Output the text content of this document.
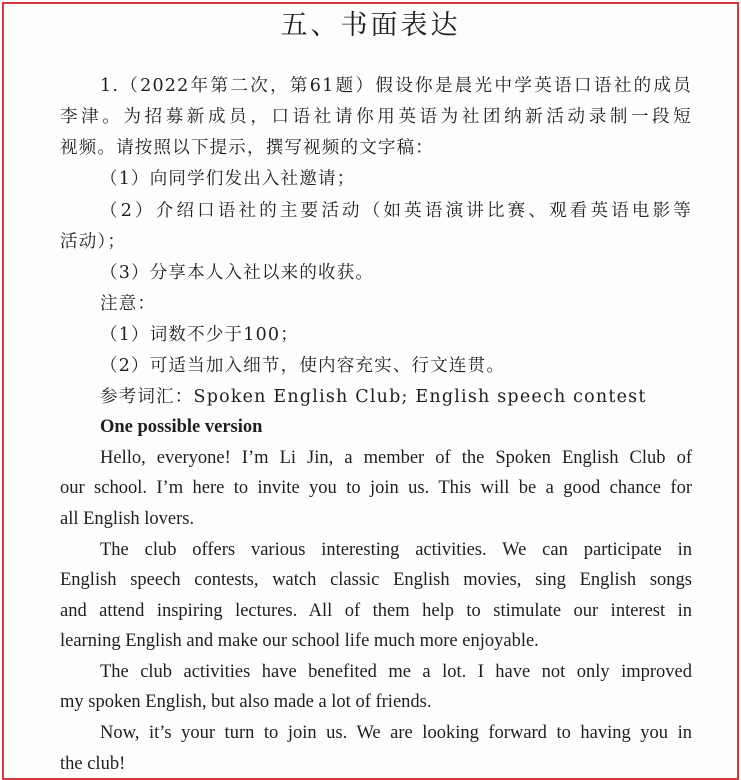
五、书面表达
1.（2022年第二次，第61题）假设你是晨光中学英语口语社的成员
李津。为招募新成员，口语社请你用英语为社团纳新活动录制一段短
视频。请按照以下提示，撰写视频的文字稿：
（1）向同学们发出入社邀请；
（2）介绍口语社的主要活动（如英语演讲比赛、观看英语电影等
活动）；
（3）分享本人入社以来的收获。
注意：
（1）词数不少于100；
（2）可适当加入细节，使内容充实、行文连贯。
参考词汇：Spoken English Club; English speech contest
One possible version
Hello, everyone! I’m Li Jin, a member of the Spoken English Club of
our school. I’m here to invite you to join us. This will be a good chance for
all English lovers.
The club offers various interesting activities. We can participate in
English speech contests, watch classic English movies, sing English songs
and attend inspiring lectures. All of them help to stimulate our interest in
learning English and make our school life much more enjoyable.
The club activities have benefited me a lot. I have not only improved
my spoken English, but also made a lot of friends.
Now, it’s your turn to join us. We are looking forward to having you in
the club!
